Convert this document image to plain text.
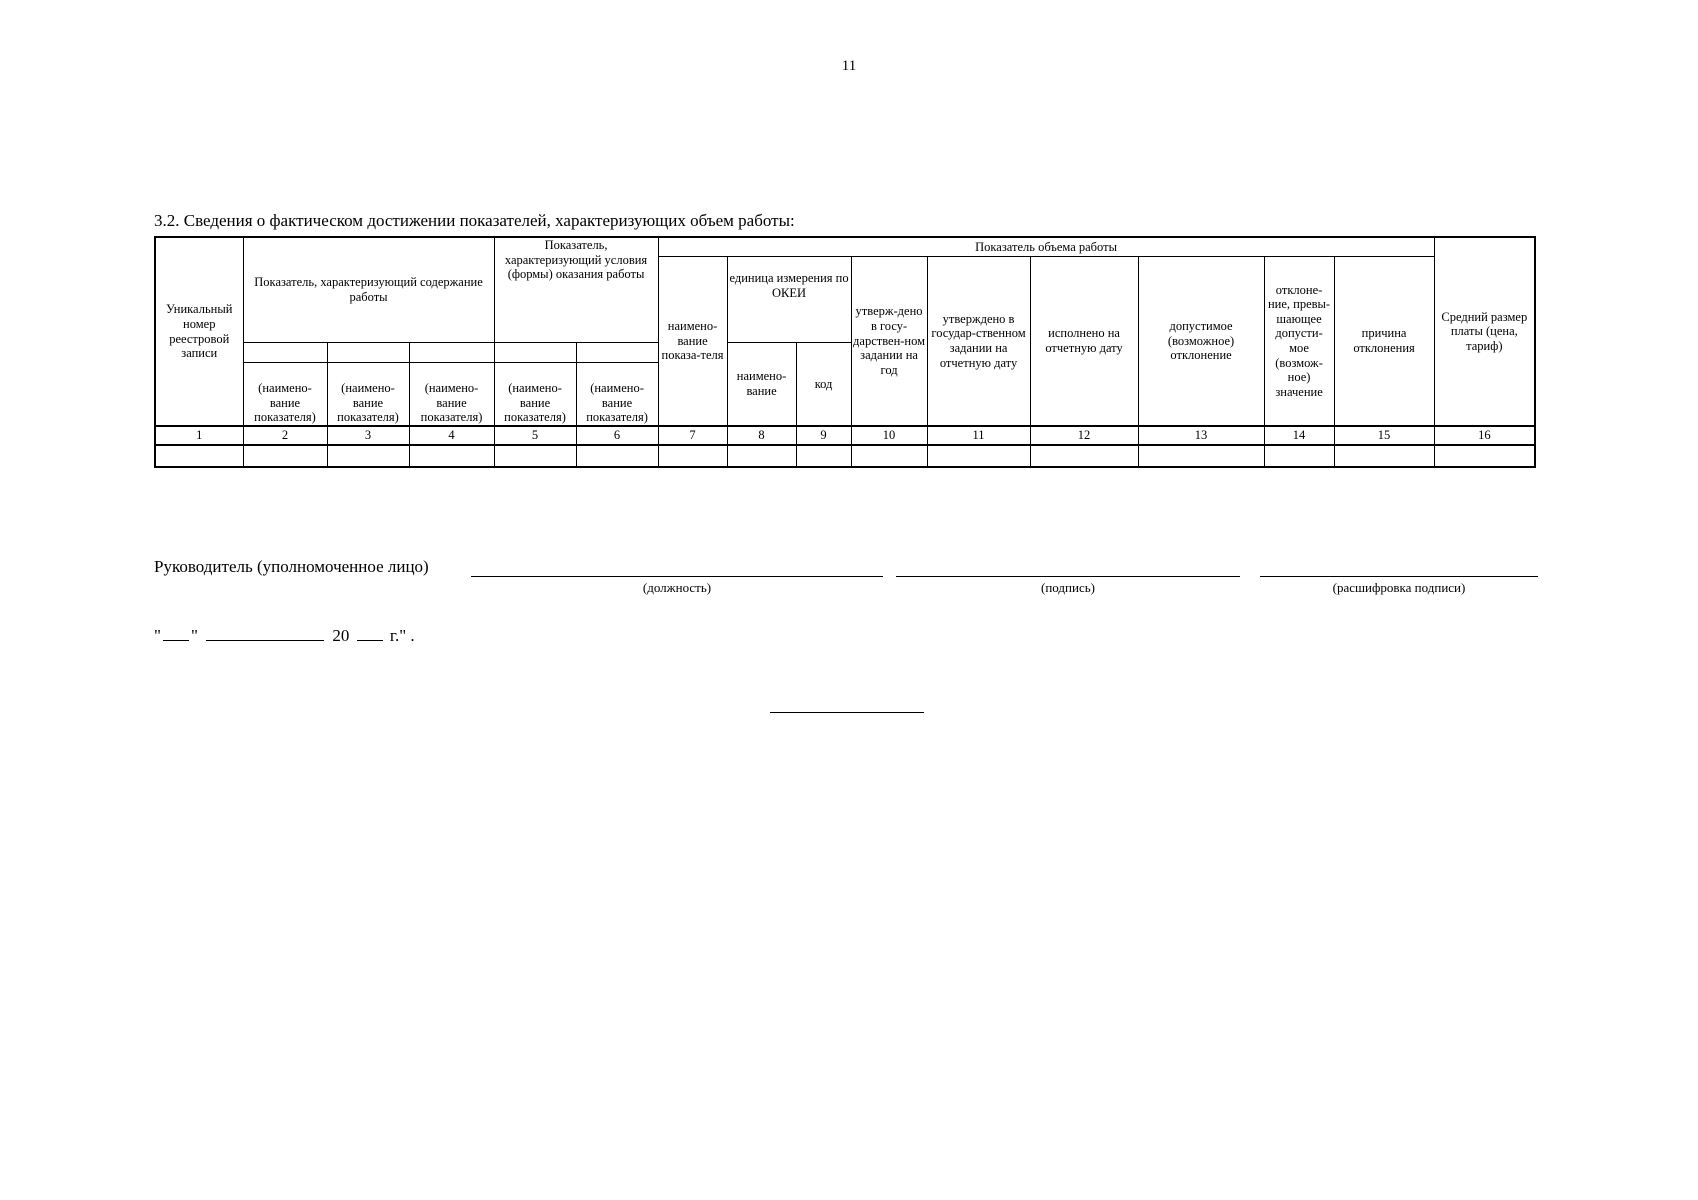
11
3.2. Сведения о фактическом достижении показателей, характеризующих объем работы:
Уникальный номер реестровой записи	Показатель, характеризующий содержание работы			Показатель, характеризующий условия (формы) оказания работы		Показатель объема работы									Средний размер платы (цена, тариф)
						наимено-вание показа-теля	единица измерения по ОКЕИ		утверж-дено в госу-дарствен-ном задании на год	утверждено в государ-ственном задании на отчетную дату	исполнено на отчетную дату	допустимое (возможное) отклонение	отклоне-ние, превы-шающее допусти-мое (возмож-ное) значение	причина отклонения	
							наимено-вание	код							
	(наимено-вание показателя)	(наимено-вание показателя)	(наимено-вание показателя)	(наимено-вание показателя)	(наимено-вание показателя)										
1	2	3	4	5	6	7	8	9	10	11	12	13	14	15	16

Руководитель (уполномоченное лицо)
(должность)	(подпись)	(расшифровка подписи)
" "	20 г." .
